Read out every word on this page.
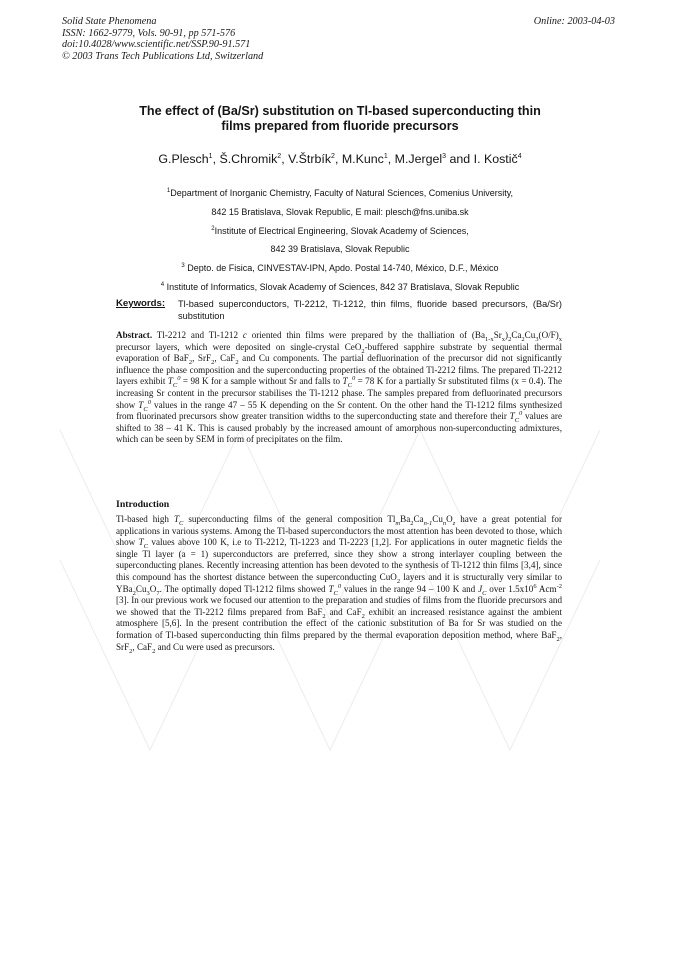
Solid State Phenomena
ISSN: 1662-9779, Vols. 90-91, pp 571-576
doi:10.4028/www.scientific.net/SSP.90-91.571
© 2003 Trans Tech Publications Ltd, Switzerland
Online: 2003-04-03
The effect of (Ba/Sr) substitution on Tl-based superconducting thin
films prepared from fluoride precursors
G.Plesch$^1$, Š.Chromik$^2$, V.Štrbík$^2$, M.Kunc$^1$, M.Jergel$^3$ and I. Kostič$^4$
$^1$Department of Inorganic Chemistry, Faculty of Natural Sciences, Comenius University,
842 15 Bratislava, Slovak Republic, E mail: plesch@fns.uniba.sk
$^2$Institute of Electrical Engineering, Slovak Academy of Sciences,
842 39 Bratislava, Slovak Republic
$^3$ Depto. de Fisica, CINVESTAV-IPN, Apdo. Postal 14-740, México, D.F., México
$^4$ Institute of Informatics, Slovak Academy of Sciences, 842 37 Bratislava, Slovak Republic
Keywords: Tl-based superconductors, Tl-2212, Tl-1212, thin films, fluoride based precursors, (Ba/Sr) substitution
Abstract. Tl-2212 and Tl-1212 c oriented thin films were prepared by the thalliation of $(Ba_{1-x}Sr_x)_2Ca_2Cu_3(O/F)_x$ precursor layers, which were deposited on single-crystal CeO$_2$-buffered sapphire substrate by sequential thermal evaporation of BaF$_2$, SrF$_2$, CaF$_2$ and Cu components. The partial defluorination of the precursor did not significantly influence the phase composition and the superconducting properties of the obtained Tl-2212 films. The prepared Tl-2212 layers exhibit $T_C^0 = 98$ K for a sample without Sr and falls to $T_C^0 = 78$ K for a partially Sr substituted films (x = 0.4). The increasing Sr content in the precursor stabilises the Tl-1212 phase. The samples prepared from defluorinated precursors show $T_C^0$ values in the range 47 – 55 K depending on the Sr content. On the other hand the Tl-1212 films synthesized from fluorinated precursors show greater transition widths to the superconducting state and therefore their $T_C^0$ values are shifted to 38 – 41 K. This is caused probably by the increased amount of amorphous non-superconducting admixtures, which can be seen by SEM in form of precipitates on the film.
Introduction
Tl-based high $T_C$ superconducting films of the general composition $Tl_mBa_2Ca_{n-1}Cu_nO_z$ have a great potential for applications in various systems. Among the Tl-based superconductors the most attention has been devoted to those, which show $T_C$ values above 100 K, i.e to Tl-2212, Tl-1223 and Tl-2223 [1,2]. For applications in outer magnetic fields the single Tl layer (a = 1) superconductors are preferred, since they show a strong interlayer coupling between the superconducting planes. Recently increasing attention has been devoted to the synthesis of Tl-1212 thin films [3,4], since this compound has the shortest distance between the superconducting CuO$_2$ layers and it is structurally very similar to $YBa_2Cu_3O_7$. The optimally doped Tl-1212 films showed $T_C^0$ values in the range 94 – 100 K and $J_C$ over $1.5x10^6$ Acm$^{-2}$ [3]. In our previous work we focused our attention to the preparation and studies of films from the fluoride precursors and we showed that the Tl-2212 films prepared from BaF$_2$ and CaF$_2$ exhibit an increased resistance against the ambient atmosphere [5,6]. In the present contribution the effect of the cationic substitution of Ba for Sr was studied on the formation of Tl-based superconducting thin films prepared by the thermal evaporation deposition method, where BaF$_2$, SrF$_2$, CaF$_2$ and Cu were used as precursors.
